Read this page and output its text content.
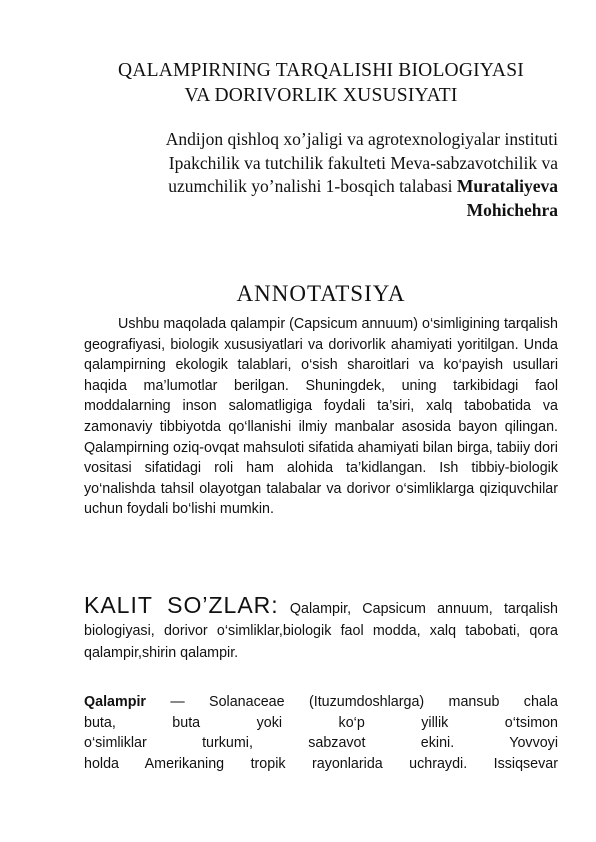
QALAMPIRNING TARQALISHI BIOLOGIYASI
VA DORIVORLIK XUSUSIYATI
Andijon qishloq xo’jaligi va agrotexnologiyalar instituti
Ipakchilik va tutchilik fakulteti Meva-sabzavotchilik va
uzumchilik yo’nalishi 1-bosqich talabasi Murataliyeva
Mohichehra
ANNOTATSIYA

Ushbu maqolada qalampir (Capsicum annuum) o‘simligining tarqalish geografiyasi, biologik xususiyatlari va dorivorlik ahamiyati yoritilgan. Unda qalampirning ekologik talablari, o‘sish sharoitlari va ko‘payish usullari haqida ma’lumotlar berilgan. Shuningdek, uning tarkibidagi faol moddalarning inson salomatligiga foydali ta’siri, xalq tabobatida va zamonaviy tibbiyotda qo‘llanishi ilmiy manbalar asosida bayon qilingan. Qalampirning oziq-ovqat mahsuloti sifatida ahamiyati bilan birga, tabiiy dori vositasi sifatidagi roli ham alohida ta’kidlangan. Ish tibbiy-biologik yo‘nalishda tahsil olayotgan talabalar va dorivor o‘simliklarga qiziquvchilar uchun foydali bo‘lishi mumkin.

KALIT SO’ZLAR: Qalampir, Capsicum annuum, tarqalish biologiyasi, dorivor o‘simliklar,biologik faol modda, xalq tabobati, qora qalampir,shirin qalampir.

Qalampir — Solanaceae (Ituzumdoshlarga) mansub chala
buta, buta yoki ko‘p yillik o‘tsimon
o‘simliklar turkumi, sabzavot ekini. Yovvoyi
holda Amerikaning tropik rayonlarida uchraydi. Issiqsevar
